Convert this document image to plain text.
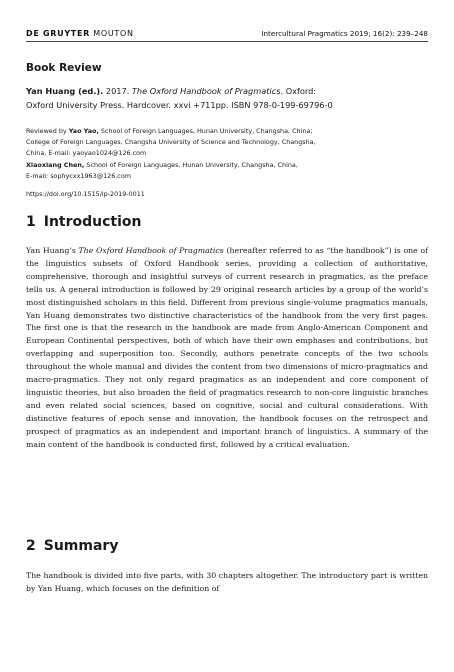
DE GRUYTER MOUTON	Intercultural Pragmatics 2019; 16(2): 239–248
Book Review
Yan Huang (ed.). 2017. The Oxford Handbook of Pragmatics. Oxford:
Oxford University Press. Hardcover. xxvi +711pp. ISBN 978-0-199-69796-0
Reviewed by Yao Yao, School of Foreign Languages, Hunan University, Changsha, China;
College of Foreign Languages, Changsha University of Science and Technology, Changsha,
China, E-mail: yaoyao1024@126.com
Xiaoxiang Chen, School of Foreign Languages, Hunan University, Changsha, China,
E-mail: sophycxx1963@126.com
https://doi.org/10.1515/ip-2019-0011
1 Introduction

Yan Huang’s The Oxford Handbook of Pragmatics (hereafter referred to as “the handbook”) is one of the linguistics subsets of Oxford Handbook series, providing a collection of authoritative, comprehensive, thorough and insightful surveys of current research in pragmatics, as the preface tells us. A general introduction is followed by 29 original research articles by a group of the world’s most distinguished scholars in this field. Different from previous single-volume pragmatics manuals, Yan Huang demonstrates two distinctive characteristics of the handbook from the very first pages. The first one is that the research in the handbook are made from Anglo-American Component and European Continental perspectives, both of which have their own emphases and contributions, but overlapping and superposition too. Secondly, authors penetrate concepts of the two schools throughout the whole manual and divides the content from two dimensions of micro-pragmatics and macro-pragmatics. They not only regard pragmatics as an independent and core component of linguistic theories, but also broaden the field of pragmatics research to non-core linguistic branches and even related social sciences, based on cognitive, social and cultural considerations. With distinctive features of epoch sense and innovation, the handbook focuses on the retrospect and prospect of pragmatics as an independent and important branch of linguistics. A summary of the main content of the handbook is conducted first, followed by a critical evaluation.

2 Summary

The handbook is divided into five parts, with 30 chapters altogether. The introductory part is written by Yan Huang, which focuses on the definition of
